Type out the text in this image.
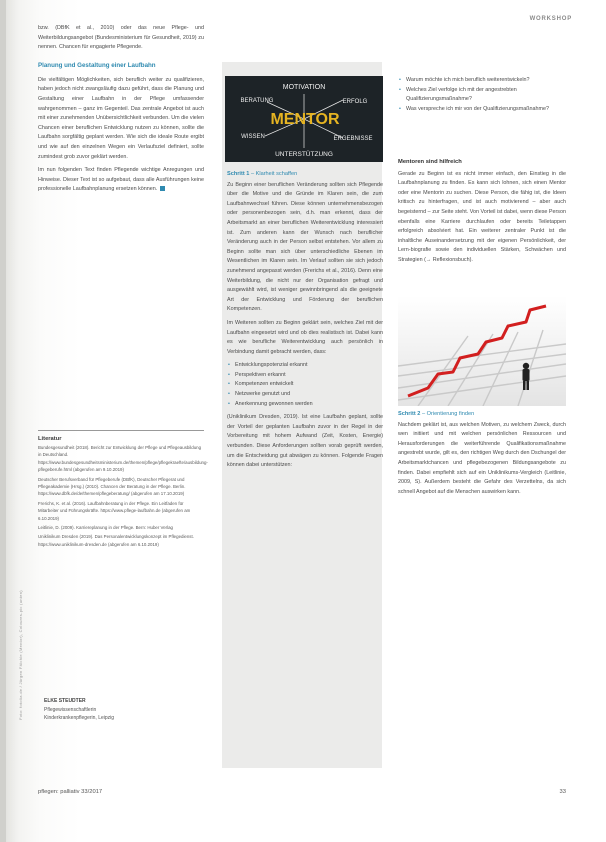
WORKSHOP

bzw. (DBfK et al., 2010) oder das neue Pflege- und Weiterbildungsangebot (Bundesministerium für Gesundheit, 2019) zu nennen. Chancen für engagierte Pflegende.

Planung und Gestaltung einer Laufbahn

Die vielfältigen Möglichkeiten, sich beruflich weiter zu qualifizieren, haben jedoch nicht zwangsläufig dazu geführt, dass die Planung und Gestaltung einer Laufbahn in der Pflege umfassender wahrgenommen – ganz im Gegenteil. Das zentrale Angebot ist auch mit einer zunehmenden Unübersichtlichkeit verbunden. Um die vielen Chancen einer beruflichen Entwicklung nutzen zu können, sollte die Laufbahn sorgfältig geplant werden. Wie sich die ideale Route ergibt und wie auf den einzelnen Wegen ein Verlaufsziel definiert, sollte zumindest grob zuvor geklärt werden.

Im nun folgenden Text finden Pflegende wichtige Anregungen und Hinweise. Dieser Text ist so aufgebaut, dass alle Ausführungen keine professionelle Laufbahnplanung ersetzen können.

Literatur

Bundesgesundheit (2018). Bericht zur Entwicklung der Pflege und Pflegeausbildung in Deutschland. https://www.bundesgesundheitsministerium.de/themen/pflege/pflegekraefte/ausbildung-pflegeberufe.html (abgerufen am 9.10.2019)

Deutscher Berufsverband für Pflegeberufe (DBfK), Deutscher Pflegerat und Pflegeakademie (Hrsg.) (2010). Chancen der Beratung in der Pflege. Berlin. https://www.dbfk.de/de/themen/pflegeberatung/ (abgerufen am 17.10.2019)

Frerichs, K. et al. (2016). Laufbahnberatung in der Pflege. Ein Leitfaden für Mitarbeiter und Führungskräfte. https://www.pflege-laufbahn.de (abgerufen am 6.10.2019)

Leitlinie, D. (2009). Karriereplanung in der Pflege. Bern: Huber Verlag

Uniklinikum Dresden (2019). Das Personalentwicklungskonzept im Pflegedienst. https://www.uniklinikum-dresden.de (abgerufen am 6.10.2019)

ELKE STEUDTER
Pflegewissenschaftlerin
Kinderkrankenpflegerin, Leipzig
Foto: fotolia.de / Jürgen Fälchle (Mentor), Coloures-pic (unten)
MOTIVATION
BERATUNG	ERFOLG
MENTOR
WISSEN	ERGEBNISSE
UNTERSTÜTZUNG
Schritt 1 – Klarheit schaffen

Zu Beginn einer beruflichen Veränderung sollten sich Pflegende über die Motive und die Gründe im Klaren sein, die zum Laufbahnwechsel führen. Diese können unternehmensbezogen oder personenbezogen sein, d.h. man erkennt, dass der Arbeitsmarkt an einer beruflichen Weiterentwicklung interessiert ist. Zum anderen kann der Wunsch nach beruflicher Veränderung auch in der Person selbst entstehen. Vor allem zu Beginn sollte man sich über unterschiedliche Ebenen im Wesentlichen im Klaren sein. Im Verlauf sollten sie sich jedoch zunehmend angepasst werden (Frerichs et al., 2016). Denn eine Weiterbildung, die nicht nur der Organisation gefragt und ausgewählt wird, ist weniger gewinnbringend als die geeignete Art der Entwicklung und Förderung der beruflichen Kompetenzen.

Im Weiteren sollten zu Beginn geklärt sein, welches Ziel mit der Laufbahn eingesetzt wird und ob dies realistisch ist. Dabei kann es wie berufliche Weiterentwicklung auch persönlich in Verbindung damit gebracht werden, dass:

• Entwicklungspotenzial erkannt
• Perspektiven erkannt
• Kompetenzen entwickelt
• Netzwerke genutzt und
• Anerkennung gewonnen werden

(Uniklinikum Dresden, 2019). Ist eine Laufbahn geplant, sollte der Vorteil der geplanten Laufbahn zuvor in der Regel in der Vorbereitung mit hohem Aufwand (Zeit, Kosten, Energie) verbunden. Diese Anforderungen sollten vorab geprüft werden, um die Entscheidung gut abwägen zu können. Folgende Fragen können dabei unterstützen:

• Warum möchte ich mich beruflich weiterentwickeln?
• Welches Ziel verfolge ich mit der angestrebten Qualifizierungsmaßnahme?
• Was verspreche ich mir von der Qualifizierungsmaßnahme?
Mentoren sind hilfreich

Gerade zu Beginn ist es nicht immer einfach, den Einstieg in die Laufbahnplanung zu finden. Es kann sich lohnen, sich einen Mentor oder eine Mentorin zu suchen. Diese Person, die fähig ist, die Ideen kritisch zu hinterfragen, und ist auch motivierend – aber auch begeisternd – zur Seite steht. Von Vorteil ist dabei, wenn diese Person ebenfalls eine Karriere durchlaufen oder bereits Teiletappen erfolgreich absolviert hat. Ein weiterer zentraler Punkt ist die inhaltliche Auseinandersetzung mit der eigenen Persönlichkeit, der Lern-biografie sowie den individuellen Stärken, Schwächen und Strategien (→ Reflexionsbuch).

Schritt 2 – Orientierung finden

Nachdem geklärt ist, aus welchen Motiven, zu welchem Zweck, durch wen initiiert und mit welchen persönlichen Ressourcen und Herausforderungen die weiterführende Qualifikationsmaßnahme angestrebt wurde, gilt es, den richtigen Weg durch den Dschungel der Arbeitsmarktchancen und pflegebezogenen Bildungsangebote zu finden. Dabei empfiehlt sich auf ein Uniklinikums-Vergleich (Leitlinie, 2009, S). Außerdem besteht die Gefahr des Verzettelns, da sich schnell Angebot auf die Menschen auswirken kann.

pflegen: palliativ 33/2017	33
